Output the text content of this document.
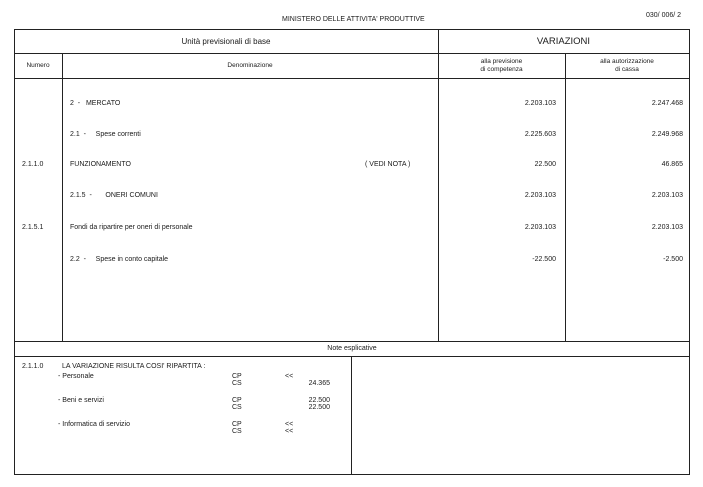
MINISTERO DELLE ATTIVITA' PRODUTTIVE
030/ 006/ 2
Unità previsionali di base	VARIAZIONI
Numero	Denominazione
alla previsione
di competenza
alla autorizzazione
di cassa
2  -   MERCATO	2.203.103	2.247.468
2.1  -     Spese correnti	2.225.603	2.249.968
2.1.1.0	FUNZIONAMENTO	( VEDI NOTA )	22.500	46.865
2.1.5  -       ONERI COMUNI	2.203.103	2.203.103
2.1.5.1	Fondi da ripartire per oneri di personale	2.203.103	2.203.103
2.2  -     Spese in conto capitale	-22.500	-2.500
Note esplicative
2.1.1.0	LA VARIAZIONE RISULTA COSI' RIPARTITA :
- Personale	CP	<<
CS	24.365
- Beni e servizi	CP	22.500
CS	22.500
- Informatica di servizio	CP	<<
CS	<<
